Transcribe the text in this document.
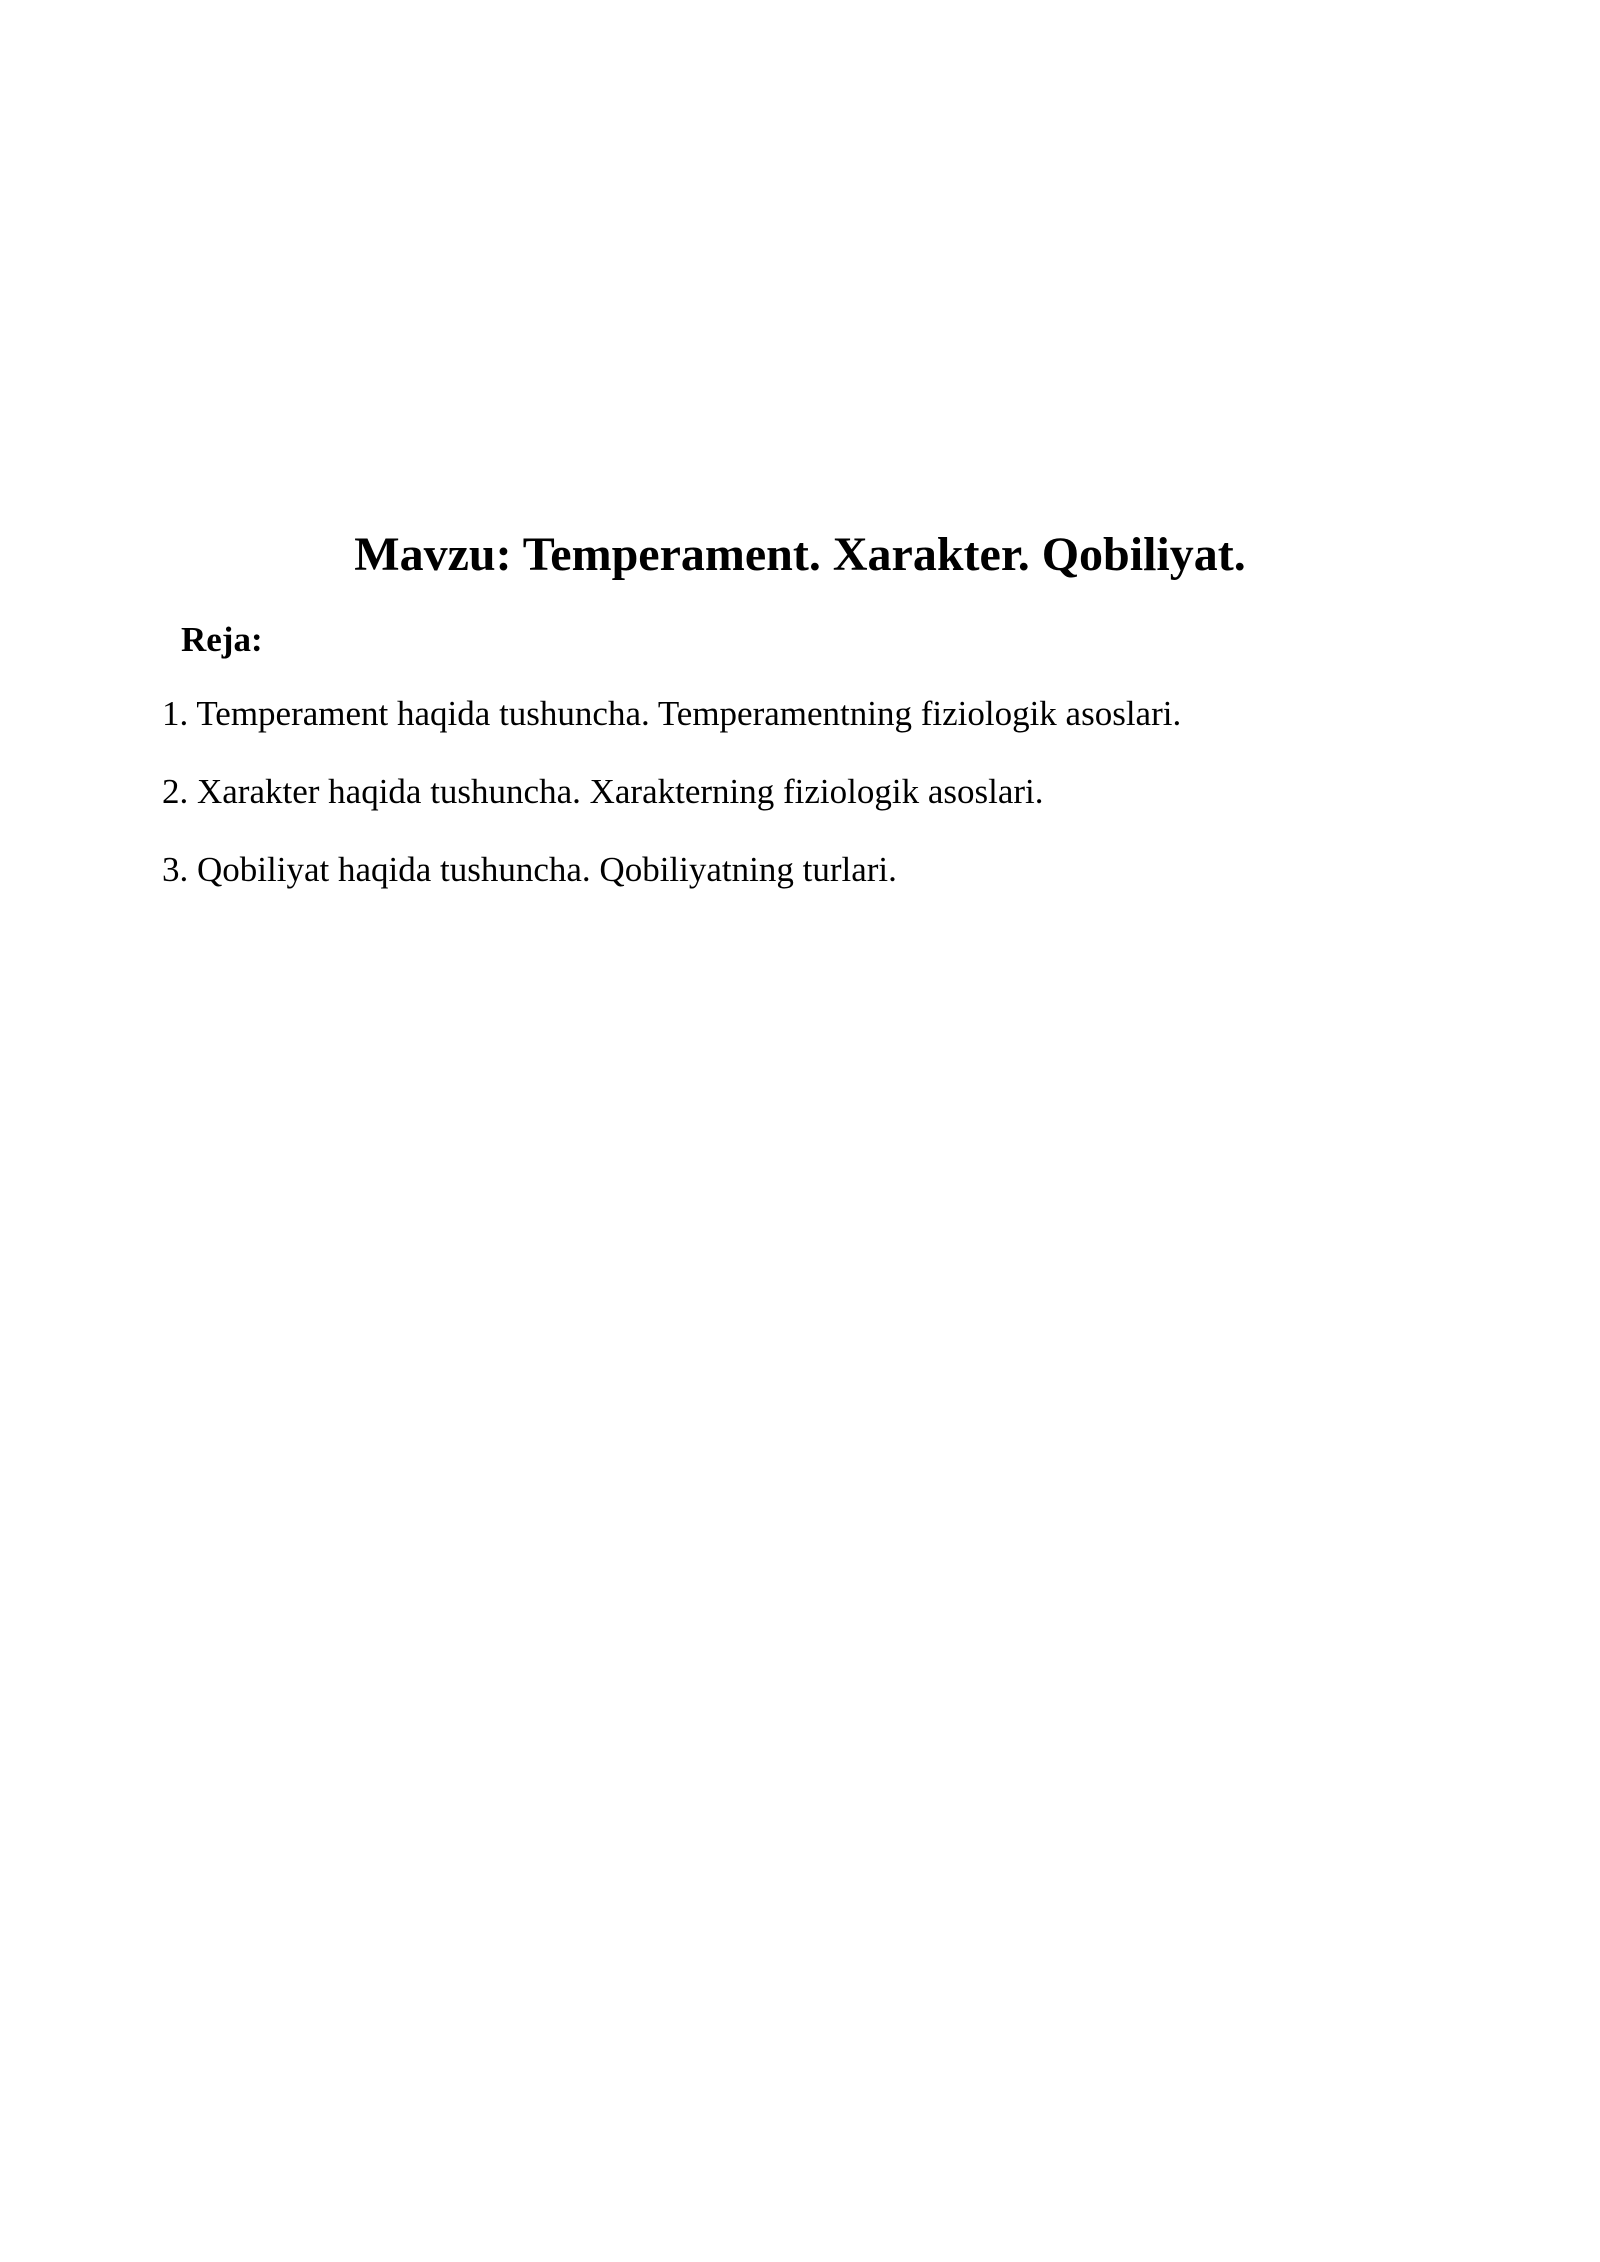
Mavzu: Temperament. Xarakter. Qobiliyat.
Reja:
1. Temperament haqida tushuncha. Temperamentning fiziologik asoslari.
2. Xarakter haqida tushuncha. Xarakterning fiziologik asoslari.
3. Qobiliyat haqida tushuncha. Qobiliyatning turlari.
